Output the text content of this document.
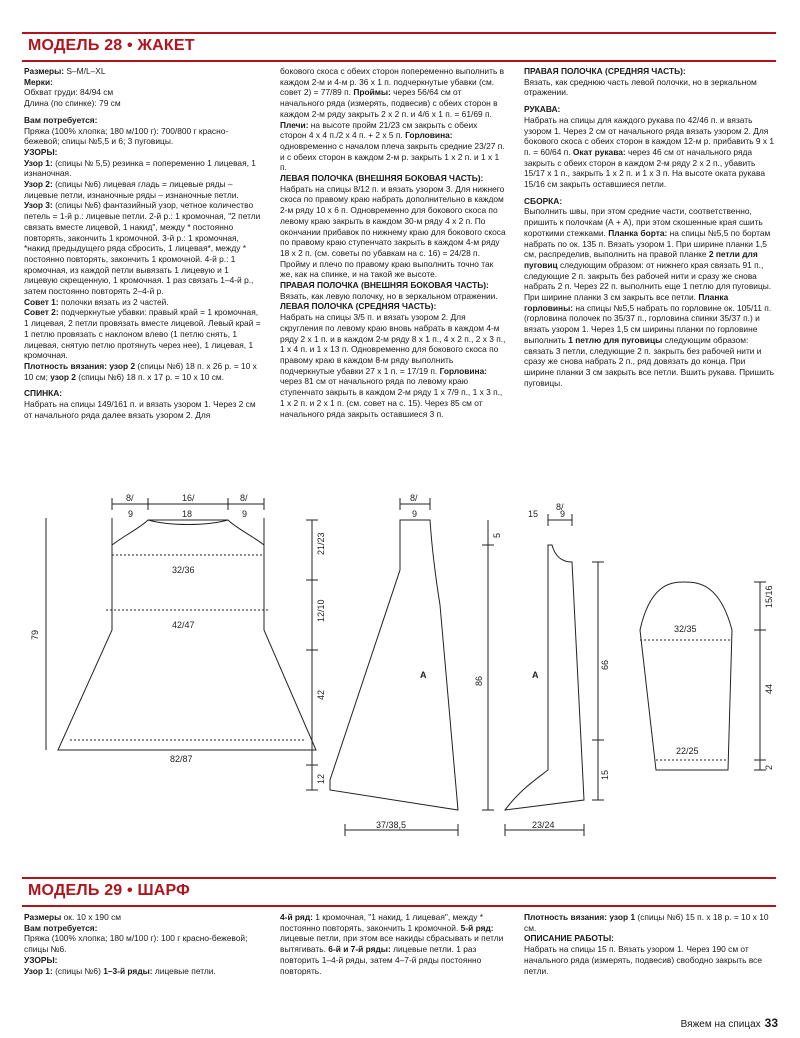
МОДЕЛЬ 28 • ЖАКЕТ

Размеры: S–M/L–XL

Мерки:

Обхват груди: 84/94 см

Длина (по спинке): 79 см

Вам потребуется:

Пряжа (100% хлопка; 180 м/100 г): 700/800 г красно-бежевой; спицы №5,5 и 6; 3 пуговицы.

УЗОРЫ:

Узор 1: (спицы № 5,5) резинка = попеременно 1 лицевая, 1 изнаночная.

Узор 2: (спицы №6) лицевая гладь = лицевые ряды – лицевые петли, изнаночные ряды – изнаночные петли.

Узор 3: (спицы №6) фантазийный узор, четное количество петель = 1-й р.: лицевые петли. 2-й р.: 1 кромочная, "2 петли связать вместе лицевой, 1 накид", между * постоянно повторять, закончить 1 кромочной. 3-й р.: 1 кромочная, *накид предыдущего ряда сбросить, 1 лицевая*, между * постоянно повторять, закончить 1 кромочной. 4-й р.: 1 кромочная, из каждой петли вывязать 1 лицевую и 1 лицевую скрещенную, 1 кромочная. 1 раз связать 1–4-й р., затем постоянно повторять 2–4-й р.

Совет 1: полочки вязать из 2 частей.

Совет 2: подчеркнутые убавки: правый край = 1 кромочная, 1 лицевая, 2 петли провязать вместе лицевой. Левый край = 1 петлю провязать с наклоном влево (1 петлю снять, 1 лицевая, снятую петлю протянуть через нее), 1 лицевая, 1 кромочная.

Плотность вязания: узор 2 (спицы №6) 18 п. х 26 р. = 10 х 10 см; узор 2 (спицы №6) 18 п. х 17 р. = 10 х 10 см.

СПИНКА:

Набрать на спицы 149/161 п. и вязать узором 1. Через 2 см от начального ряда далее вязать узором 2. Для

бокового скоса с обеих сторон попеременно выполнить в каждом 2-м и 4-м р. 36 х 1 п. подчеркнутые убавки (см. совет 2) = 77/89 п. Проймы: через 56/64 см от начального ряда (измерять, подвесив) с обеих сторон в каждом 2-м ряду закрыть 2 х 2 п. и 4/6 х 1 п. = 61/69 п. Плечи: на высоте пройм 21/23 см закрыть с обеих сторон 4 х 4 п./2 х 4 п. + 2 х 5 п. Горловина: одновременно с началом плеча закрыть средние 23/27 п. и с обеих сторон в каждом 2-м р. закрыть 1 х 2 п. и 1 х 1 п.

ЛЕВАЯ ПОЛОЧКА (ВНЕШНЯЯ БОКОВАЯ ЧАСТЬ):

Набрать на спицы 8/12 п. и вязать узором 3. Для нижнего скоса по правому краю набрать дополнительно в каждом 2-м ряду 10 х 6 п. Одновременно для бокового скоса по левому краю закрыть в каждом 30-м ряду 4 х 2 п. По окончании прибавок по нижнему краю для бокового скоса по правому краю ступенчато закрыть в каждом 4-м ряду 18 х 2 п. (см. советы по убавкам на с. 16) = 24/28 п. Пройму и плечо по правому краю выполнить точно так же, как на спинке, и на такой же высоте.

ПРАВАЯ ПОЛОЧКА (ВНЕШНЯЯ БОКОВАЯ ЧАСТЬ):

Вязать, как левую полочку, но в зеркальном отражении.

ЛЕВАЯ ПОЛОЧКА (СРЕДНЯЯ ЧАСТЬ):

Набрать на спицы 3/5 п. и вязать узором 2. Для скругления по левому краю вновь набрать в каждом 4-м ряду 2 х 1 п. и в каждом 2-м ряду 8 х 1 п., 4 х 2 п., 2 х 3 п., 1 х 4 п. и 1 х 13 п. Одновременно для бокового скоса по правому краю в каждом 8-м ряду выполнить подчеркнутые убавки 27 х 1 п. = 17/19 п. Горловина: через 81 см от начального ряда по левому краю ступенчато закрыть в каждом 2-м ряду 1 х 7/9 п., 1 х 3 п., 1 х 2 п. и 2 х 1 п. (см. совет на с. 15). Через 85 см от начального ряда закрыть оставшиеся 3 п.

ПРАВАЯ ПОЛОЧКА (СРЕДНЯЯ ЧАСТЬ):

Вязать, как среднюю часть левой полочки, но в зеркальном отражении.

РУКАВА:

Набрать на спицы для каждого рукава по 42/46 п. и вязать узором 1. Через 2 см от начального ряда вязать узором 2. Для бокового скоса с обеих сторон в каждом 12-м р. прибавить 9 х 1 п. = 60/64 п. Окат рукава: через 46 см от начального ряда закрыть с обеих сторон в каждом 2-м ряду 2 х 2 п., убавить 15/17 х 1 п., закрыть 1 х 2 п. и 1 х 3 п. На высоте оката рукава 15/16 см закрыть оставшиеся петли.

СБОРКА:

Выполнить швы, при этом средние части, соответственно, пришить к полочкам (А + А), при этом скошенные края сшить короткими стежками. Планка борта: на спицы №5,5 по бортам набрать по ок. 135 п. Вязать узором 1. При ширине планки 1,5 см, распределив, выполнить на правой планке 2 петли для пуговиц следующим образом: от нижнего края связать 91 п., следующие 2 п. закрыть без рабочей нити и сразу же снова набрать 2 п. Через 22 п. выполнить еще 1 петлю для пуговицы. При ширине планки 3 см закрыть все петли. Планка горловины: на спицы №5,5 набрать по горловине ок. 105/11 п. (горловина полочек по 35/37 п., горловина спинки 35/37 п.) и вязать узором 1. Через 1,5 см ширины планки по горловине выполнить 1 петлю для пуговицы следующим образом: связать 3 петли, следующие 2 п. закрыть без рабочей нити и сразу же снова набрать 2 п., ряд довязать до конца. При ширине планки 3 см закрыть все петли. Вшить рукава. Пришить пуговицы.

8/
9
16/
18
8/
9
79
32/36
42/47
82/87
21/23
12/10
42
12
8/
9
A
37/38,5
5
15
8/
9
86
A
66
15
23/24
15/16
32/35
22/25
44
2
МОДЕЛЬ 29 • ШАРФ

Размеры ок. 10 х 190 см

Вам потребуется:

Пряжа (100% хлопка; 180 м/100 г): 100 г красно-бежевой; спицы №6.

УЗОРЫ:

Узор 1: (спицы №6) 1–3-й ряды: лицевые петли.

4-й ряд: 1 кромочная, "1 накид, 1 лицевая", между * постоянно повторять, закончить 1 кромочной. 5-й ряд: лицевые петли, при этом все накиды сбрасывать и петли вытягивать. 6-й и 7-й ряды: лицевые петли. 1 раз повторить 1–4-й ряды, затем 4–7-й ряды постоянно повторять.

Плотность вязания: узор 1 (спицы №6) 15 п. х 18 р. = 10 х 10 см.

ОПИСАНИЕ РАБОТЫ:

Набрать на спицы 15 п. Вязать узором 1. Через 190 см от начального ряда (измерять, подвесив) свободно закрыть все петли.

Вяжем на спицах 33
